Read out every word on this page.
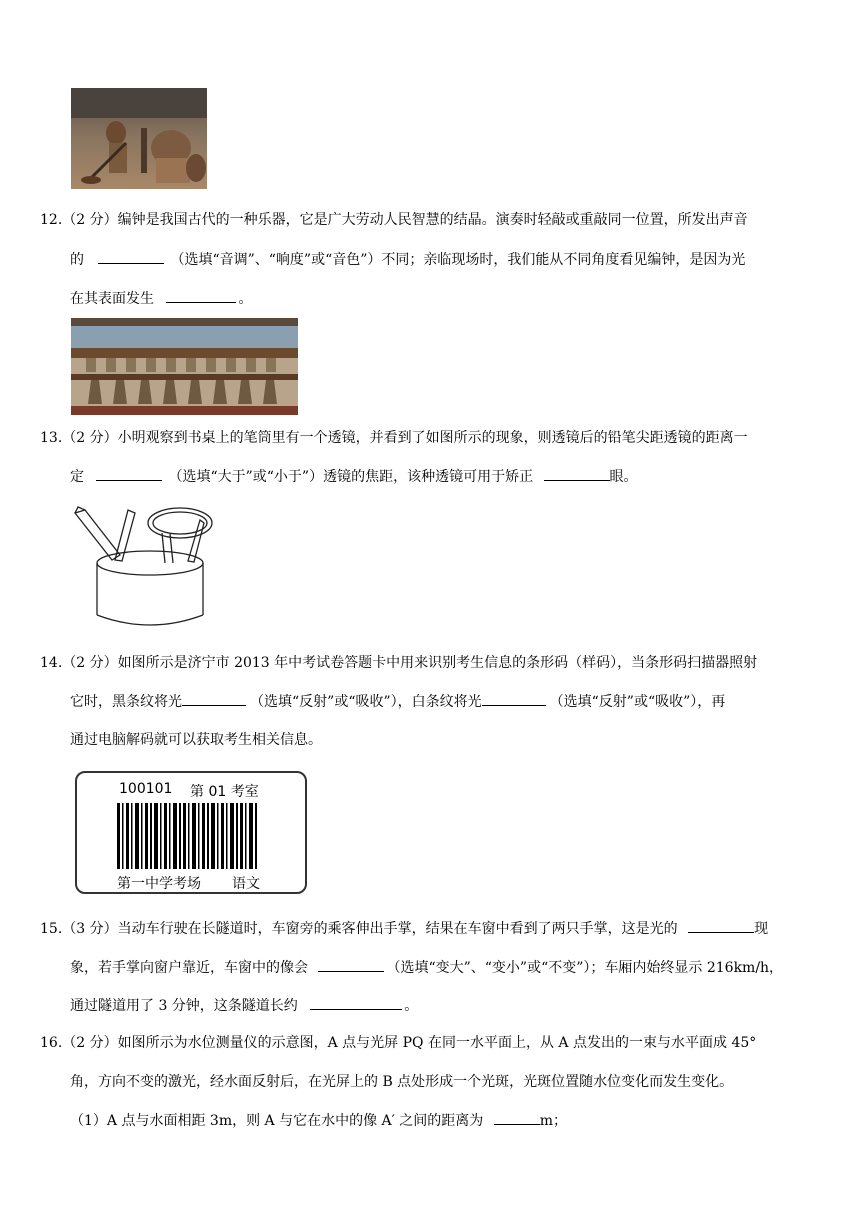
12.（2 分）编钟是我国古代的一种乐器，它是广大劳动人民智慧的结晶。演奏时轻敲或重敲同一位置，所发出声音
的	（选填“音调”、“响度”或“音色”）不同；亲临现场时，我们能从不同角度看见编钟，是因为光
在其表面发生	。
13.（2 分）小明观察到书桌上的笔筒里有一个透镜，并看到了如图所示的现象，则透镜后的铅笔尖距透镜的距离一
定	（选填“大于”或“小于”）透镜的焦距，该种透镜可用于矫正	眼。
14.（2 分）如图所示是济宁市 2013 年中考试卷答题卡中用来识别考生信息的条形码（样码），当条形码扫描器照射
它时，黑条纹将光	（选填“反射”或“吸收”），白条纹将光	（选填“反射”或“吸收”），再
通过电脑解码就可以获取考生相关信息。
100101 第 01 考室
第一中学考场 语文
15.（3 分）当动车行驶在长隧道时，车窗旁的乘客伸出手掌，结果在车窗中看到了两只手掌，这是光的	现
象，若手掌向窗户靠近，车窗中的像会	（选填“变大”、“变小”或“不变”）；车厢内始终显示 216km/h，
通过隧道用了 3 分钟，这条隧道长约	。
16.（2 分）如图所示为水位测量仪的示意图，A 点与光屏 PQ 在同一水平面上，从 A 点发出的一束与水平面成 45°
角，方向不变的激光，经水面反射后，在光屏上的 B 点处形成一个光斑，光斑位置随水位变化而发生变化。
（1）A 点与水面相距 3m，则 A 与它在水中的像 A′ 之间的距离为	m；
